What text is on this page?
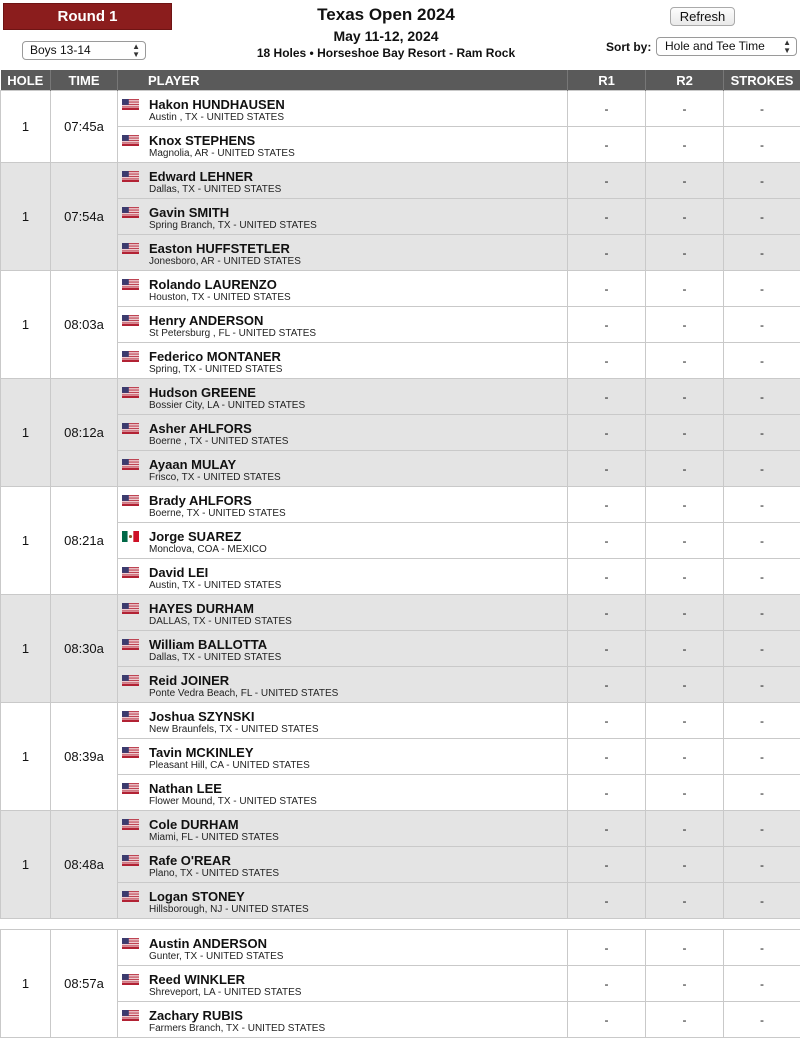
Round 1
Boys 13-14	▲
▼
Texas Open 2024
May 11-12, 2024
18 Holes • Horseshoe Bay Resort - Ram Rock
Refresh
Sort by:	Hole and Tee Time ▲
▼
HOLE	TIME	PLAYER	R1	R2	STROKES
1	07:45a	Hakon HUNDHAUSEN
Austin , TX - UNITED STATES	-	-	-

		Knox STEPHENS
Magnolia, AR - UNITED STATES	-	-	-
1	07:54a	Edward LEHNER
Dallas, TX - UNITED STATES	-	-	-

		Gavin SMITH
Spring Branch, TX - UNITED STATES	-	-	-

		Easton HUFFSTETLER
Jonesboro, AR - UNITED STATES	-	-	-
1	08:03a	Rolando LAURENZO
Houston, TX - UNITED STATES	-	-	-

		Henry ANDERSON
St Petersburg , FL - UNITED STATES	-	-	-

		Federico MONTANER
Spring, TX - UNITED STATES	-	-	-
1	08:12a	Hudson GREENE
Bossier City, LA - UNITED STATES	-	-	-

		Asher AHLFORS
Boerne , TX - UNITED STATES	-	-	-

		Ayaan MULAY
Frisco, TX - UNITED STATES	-	-	-
1	08:21a	Brady AHLFORS
Boerne, TX - UNITED STATES	-	-	-

		Jorge SUAREZ
Monclova, COA - MEXICO	-	-	-

		David LEI
Austin, TX - UNITED STATES	-	-	-
1	08:30a	HAYES DURHAM
DALLAS, TX - UNITED STATES	-	-	-

		William BALLOTTA
Dallas, TX - UNITED STATES	-	-	-

		Reid JOINER
Ponte Vedra Beach, FL - UNITED STATES	-	-	-
1	08:39a	Joshua SZYNSKI
New Braunfels, TX - UNITED STATES	-	-	-

		Tavin MCKINLEY
Pleasant Hill, CA - UNITED STATES	-	-	-

		Nathan LEE
Flower Mound, TX - UNITED STATES	-	-	-
1	08:48a	Cole DURHAM
Miami, FL - UNITED STATES	-	-	-

		Rafe O'REAR
Plano, TX - UNITED STATES	-	-	-

		Logan STONEY
Hillsborough, NJ - UNITED STATES	-	-	-

1	08:57a	Austin ANDERSON
Gunter, TX - UNITED STATES	-	-	-

		Reed WINKLER
Shreveport, LA - UNITED STATES	-	-	-

		Zachary RUBIS
Farmers Branch, TX - UNITED STATES	-	-	-
